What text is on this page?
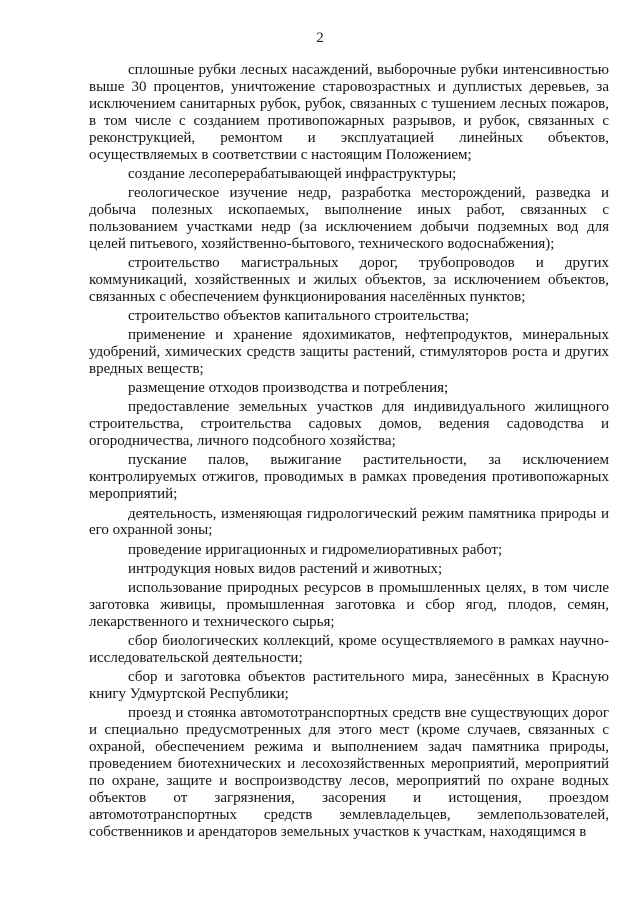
2

сплошные рубки лесных насаждений, выборочные рубки интенсивностью выше 30 процентов, уничтожение старовозрастных и дуплистых деревьев, за исключением санитарных рубок, рубок, связанных с тушением лесных пожаров, в том числе с созданием противопожарных разрывов, и рубок, связанных с реконструкцией, ремонтом и эксплуатацией линейных объектов, осуществляемых в соответствии с настоящим Положением;

создание лесоперерабатывающей инфраструктуры;

геологическое изучение недр, разработка месторождений, разведка и добыча полезных ископаемых, выполнение иных работ, связанных с пользованием участками недр (за исключением добычи подземных вод для целей питьевого, хозяйственно-бытового, технического водоснабжения);

строительство магистральных дорог, трубопроводов и других коммуникаций, хозяйственных и жилых объектов, за исключением объектов, связанных с обеспечением функционирования населённых пунктов;

строительство объектов капитального строительства;

применение и хранение ядохимикатов, нефтепродуктов, минеральных удобрений, химических средств защиты растений, стимуляторов роста и других вредных веществ;

размещение отходов производства и потребления;

предоставление земельных участков для индивидуального жилищного строительства, строительства садовых домов, ведения садоводства и огородничества, личного подсобного хозяйства;

пускание палов, выжигание растительности, за исключением контролируемых отжигов, проводимых в рамках проведения противопожарных мероприятий;

деятельность, изменяющая гидрологический режим памятника природы и его охранной зоны;

проведение ирригационных и гидромелиоративных работ;

интродукция новых видов растений и животных;

использование природных ресурсов в промышленных целях, в том числе заготовка живицы, промышленная заготовка и сбор ягод, плодов, семян, лекарственного и технического сырья;

сбор биологических коллекций, кроме осуществляемого в рамках научно-исследовательской деятельности;

сбор и заготовка объектов растительного мира, занесённых в Красную книгу Удмуртской Республики;

проезд и стоянка автомототранспортных средств вне существующих дорог и специально предусмотренных для этого мест (кроме случаев, связанных с охраной, обеспечением режима и выполнением задач памятника природы, проведением биотехнических и лесохозяйственных мероприятий, мероприятий по охране, защите и воспроизводству лесов, мероприятий по охране водных объектов от загрязнения, засорения и истощения, проездом автомототранспортных средств землевладельцев, землепользователей, собственников и арендаторов земельных участков к участкам, находящимся в
